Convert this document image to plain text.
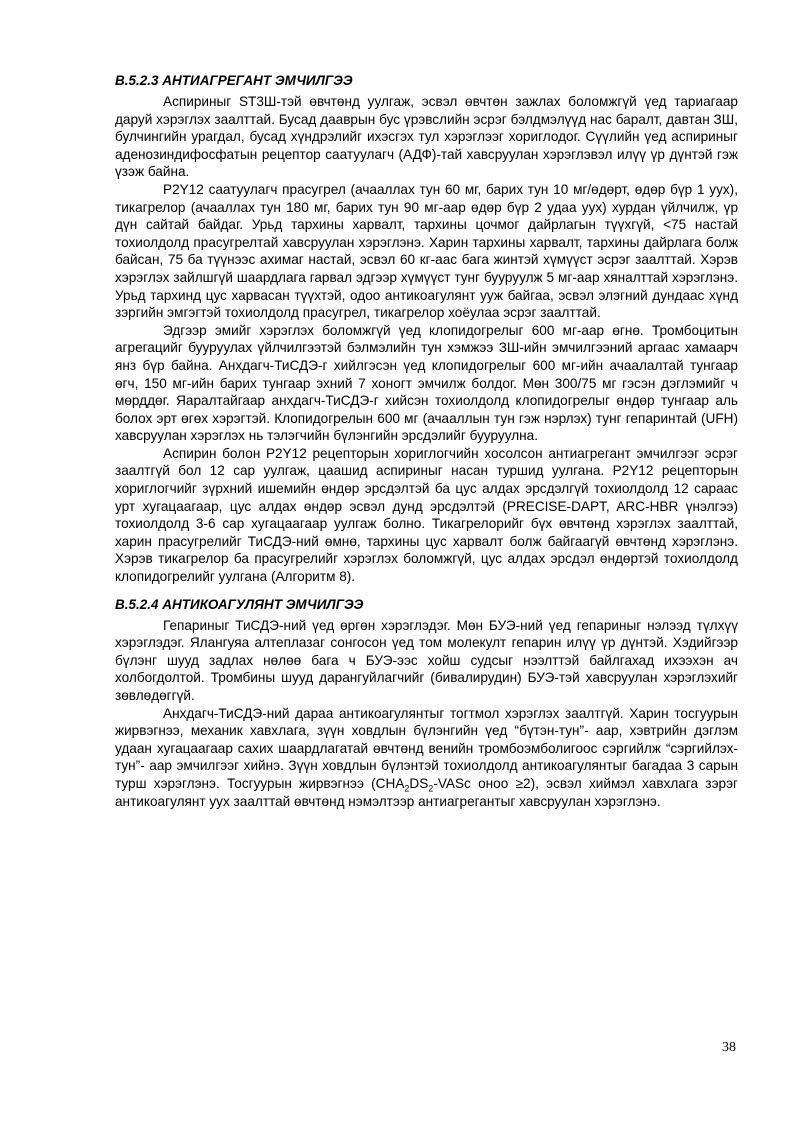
B.5.2.3 АНТИАГРЕГАНТ ЭМЧИЛГЭЭ

Аспириныг ST3Ш-тэй өвчтөнд уулгаж, эсвэл өвчтөн зажлах боломжгүй үед тариагаар даруй хэрэглэх заалттай. Бусад дааврын бус үрэвслийн эсрэг бэлдмэлүүд нас баралт, давтан ЗШ, булчингийн урагдал, бусад хүндрэлийг ихэсгэх тул хэрэглээг хориглодог. Сүүлийн үед аспириныг аденозиндифосфатын рецептор саатуулагч (АДФ)-тай хавсруулан хэрэглэвэл илүү үр дүнтэй гэж үзэж байна.

P2Y12 саатуулагч прасугрел (ачааллах тун 60 мг, барих тун 10 мг/өдөрт, өдөр бүр 1 уух), тикагрелор (ачааллах тун 180 мг, барих тун 90 мг-аар өдөр бүр 2 удаа уух) хурдан үйлчилж, үр дүн сайтай байдаг. Урьд тархины харвалт, тархины цочмог дайрлагын түүхгүй, <75 настай тохиолдолд прасугрелтай хавсруулан хэрэглэнэ. Харин тархины харвалт, тархины дайрлага болж байсан, 75 ба түүнээс ахимаг настай, эсвэл 60 кг-аас бага жинтэй хүмүүст эсрэг заалттай. Хэрэв хэрэглэх зайлшгүй шаардлага гарвал эдгээр хүмүүст тунг бууруулж 5 мг-аар хяналттай хэрэглэнэ. Урьд тархинд цус харвасан түүхтэй, одоо антикоагулянт ууж байгаа, эсвэл элэгний дундаас хүнд зэргийн эмгэгтэй тохиолдолд прасугрел, тикагрелор хоёулаа эсрэг заалттай.

Эдгээр эмийг хэрэглэх боломжгүй үед клопидогрелыг 600 мг-аар өгнө. Тромбоцитын агрегацийг бууруулах үйлчилгээтэй бэлмэлийн тун хэмжээ ЗШ-ийн эмчилгээний аргаас хамаарч янз бүр байна. Анхдагч-ТиСДЭ-г хийлгэсэн үед клопидогрелыг 600 мг-ийн ачаалалтай тунгаар өгч, 150 мг-ийн барих тунгаар эхний 7 хоногт эмчилж болдог. Мөн 300/75 мг гэсэн дэглэмийг ч мөрддөг. Яаралтайгаар анхдагч-ТиСДЭ-г хийсэн тохиолдолд клопидогрелыг өндөр тунгаар аль болох эрт өгөх хэрэгтэй. Клопидогрелын 600 мг (ачааллын тун гэж нэрлэх) тунг гепаринтай (UFH) хавсруулан хэрэглэх нь тэлэгчийн бүлэнгийн эрсдэлийг бууруулна.

Аспирин болон P2Y12 рецепторын хориглогчийн хосолсон антиагрегант эмчилгээг эсрэг заалтгүй бол 12 сар уулгаж, цаашид аспириныг насан туршид уулгана. P2Y12 рецепторын хориглогчийг зүрхний ишемийн өндөр эрсдэлтэй ба цус алдах эрсдэлгүй тохиолдолд 12 сараас урт хугацаагаар, цус алдах өндөр эсвэл дунд эрсдэлтэй (PRECISE-DAPT, ARC-HBR үнэлгээ) тохиолдолд 3-6 сар хугацаагаар уулгаж болно. Тикагрелорийг бүх өвчтөнд хэрэглэх заалттай, харин прасугрелийг ТиСДЭ-ний өмнө, тархины цус харвалт болж байгаагүй өвчтөнд хэрэглэнэ. Хэрэв тикагрелор ба прасугрелийг хэрэглэх боломжгүй, цус алдах эрсдэл өндөртэй тохиолдолд клопидогрелийг уулгана (Алгоритм 8).

B.5.2.4 АНТИКОАГУЛЯНТ ЭМЧИЛГЭЭ

Гепариныг ТиСДЭ-ний үед өргөн хэрэглэдэг. Мөн БУЭ-ний үед гепариныг нэлээд түлхүү хэрэглэдэг. Ялангуяа алтеплазаг сонгосон үед том молекулт гепарин илүү үр дүнтэй. Хэдийгээр бүлэнг шууд задлах нөлөө бага ч БУЭ-ээс хойш судсыг нээлттэй байлгахад ихээхэн ач холбогдолтой. Тромбины шууд дарангуйлагчийг (бивалирудин) БУЭ-тэй хавсруулан хэрэглэхийг зөвлөдөггүй.

Анхдагч-ТиСДЭ-ний дараа антикоагулянтыг тогтмол хэрэглэх заалтгүй. Харин тосгуурын жирвэгнээ, механик хавхлага, зүүн ховдлын бүлэнгийн үед “бүтэн-тун”- аар, хэвтрийн дэглэм удаан хугацаагаар сахих шаардлагатай өвчтөнд венийн тромбоэмболигоос сэргийлж “сэргийлэх-тун”- аар эмчилгээг хийнэ. Зүүн ховдлын бүлэнтэй тохиолдолд антикоагулянтыг багадаа 3 сарын турш хэрэглэнэ. Тосгуурын жирвэгнээ ($CHA_2DS_2$-VASc оноо ≥2), эсвэл хиймэл хавхлага зэрэг антикоагулянт уух заалттай өвчтөнд нэмэлтээр антиагрегантыг хавсруулан хэрэглэнэ.

38
